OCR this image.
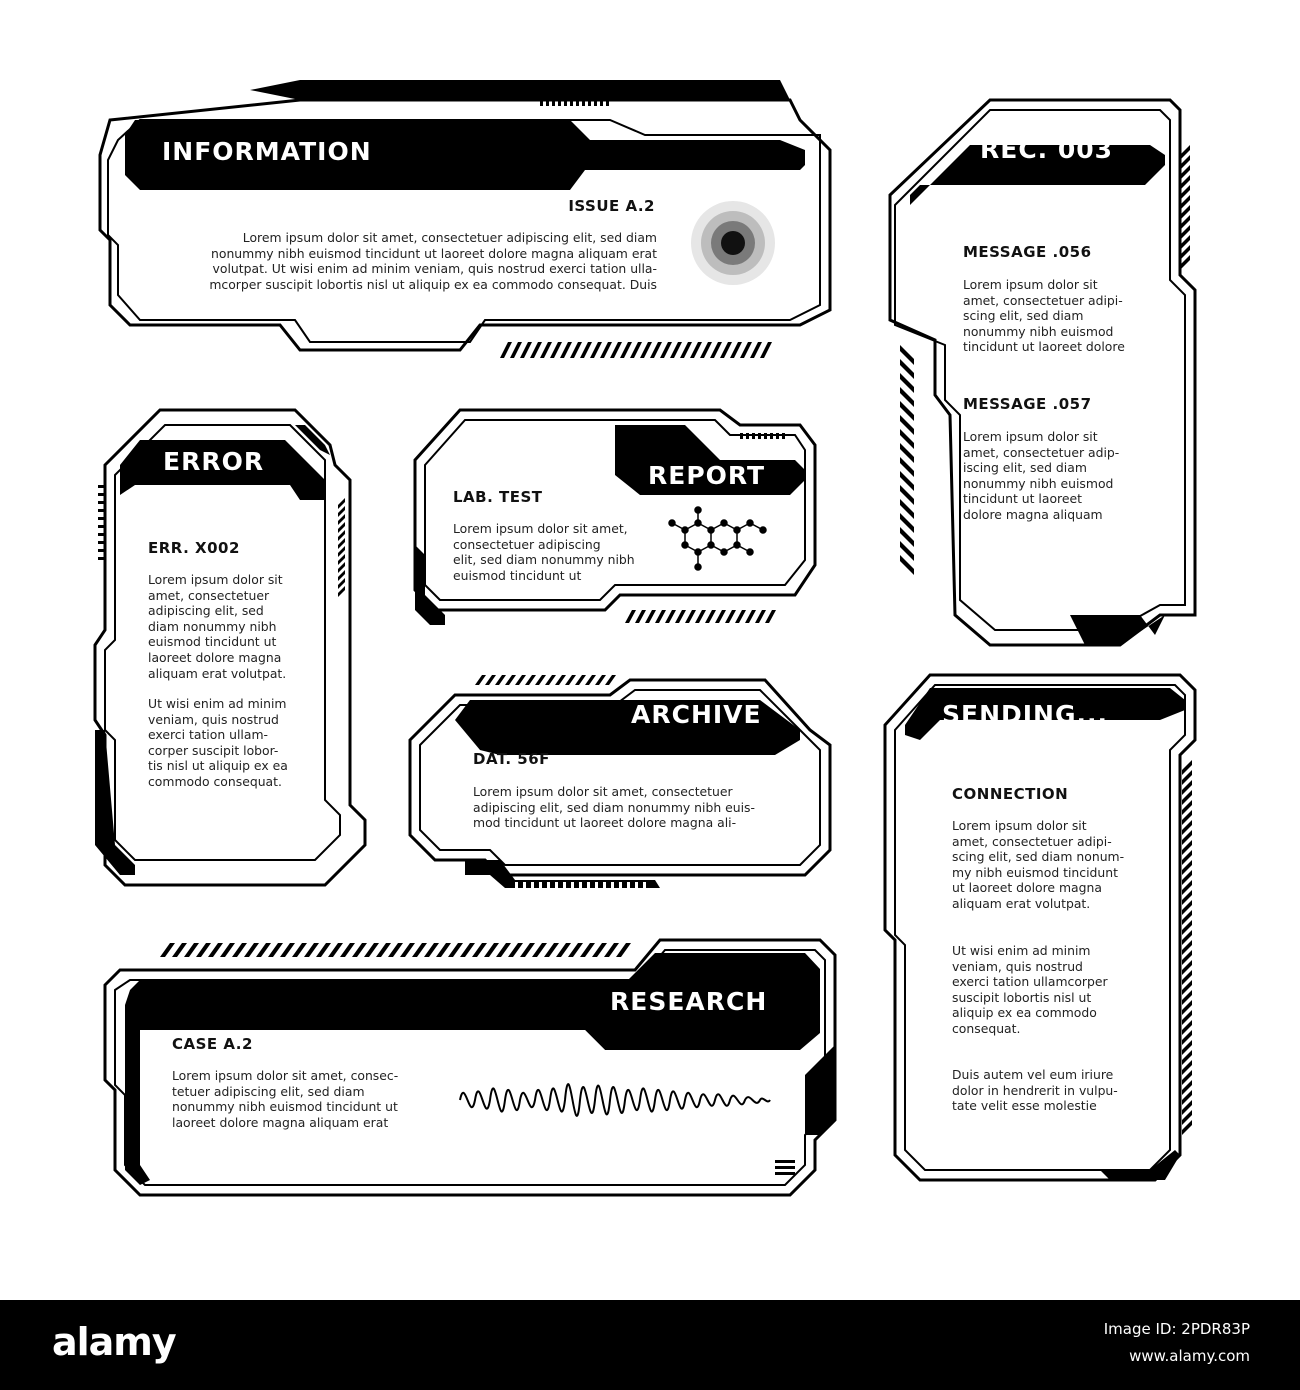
INFORMATION
ISSUE A.2

Lorem ipsum dolor sit amet, consectetuer adipiscing elit, sed diam
nonummy nibh euismod tincidunt ut laoreet dolore magna aliquam erat
volutpat. Ut wisi enim ad minim veniam, quis nostrud exerci tation ulla-
mcorper suscipit lobortis nisl ut aliquip ex ea commodo consequat. Duis

REC. 003
MESSAGE .056

Lorem ipsum dolor sit
amet, consectetuer adipi-
scing elit, sed diam
nonummy nibh euismod
tincidunt ut laoreet dolore

MESSAGE .057

Lorem ipsum dolor sit
amet, consectetuer adip-
iscing elit, sed diam
nonummy nibh euismod
tincidunt ut laoreet
dolore magna aliquam

ERROR
ERR. X002

Lorem ipsum dolor sit
amet, consectetuer
adipiscing elit, sed
diam nonummy nibh
euismod tincidunt ut
laoreet dolore magna
aliquam erat volutpat.

Ut wisi enim ad minim
veniam, quis nostrud
exerci tation ullam-
corper suscipit lobor-
tis nisl ut aliquip ex ea
commodo consequat.

REPORT
LAB. TEST

Lorem ipsum dolor sit amet,
consectetuer adipiscing
elit, sed diam nonummy nibh
euismod tincidunt ut

ARCHIVE
DAT. 56F

Lorem ipsum dolor sit amet, consectetuer
adipiscing elit, sed diam nonummy nibh euis-
mod tincidunt ut laoreet dolore magna ali-

SENDING...
CONNECTION

Lorem ipsum dolor sit
amet, consectetuer adipi-
scing elit, sed diam nonum-
my nibh euismod tincidunt
ut laoreet dolore magna
aliquam erat volutpat.

Ut wisi enim ad minim
veniam, quis nostrud
exerci tation ullamcorper
suscipit lobortis nisl ut
aliquip ex ea commodo
consequat.

Duis autem vel eum iriure
dolor in hendrerit in vulpu-
tate velit esse molestie

RESEARCH
CASE A.2

Lorem ipsum dolor sit amet, consec-
tetuer adipiscing elit, sed diam
nonummy nibh euismod tincidunt ut
laoreet dolore magna aliquam erat

alamy	Image ID: 2PDR83P
www.alamy.com
